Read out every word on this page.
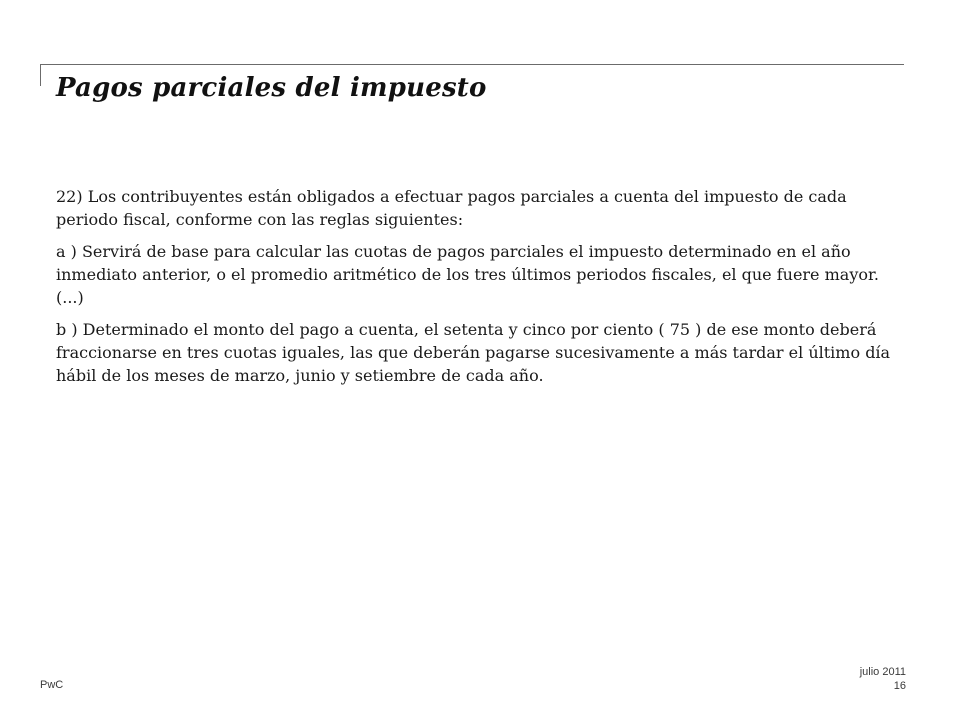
Pagos parciales del impuesto

22) Los contribuyentes están obligados a efectuar pagos parciales a cuenta del impuesto de cada periodo fiscal, conforme con las reglas siguientes:

a ) Servirá de base para calcular las cuotas de pagos parciales el impuesto determinado en el año inmediato anterior, o el promedio aritmético de los tres últimos periodos fiscales, el que fuere mayor. (...)

b ) Determinado el monto del pago a cuenta, el setenta y cinco por ciento ( 75 ) de ese monto deberá fraccionarse en tres cuotas iguales, las que deberán pagarse sucesivamente a más tardar el último día hábil de los meses de marzo, junio y setiembre de cada año.

PwC
julio 2011
16
